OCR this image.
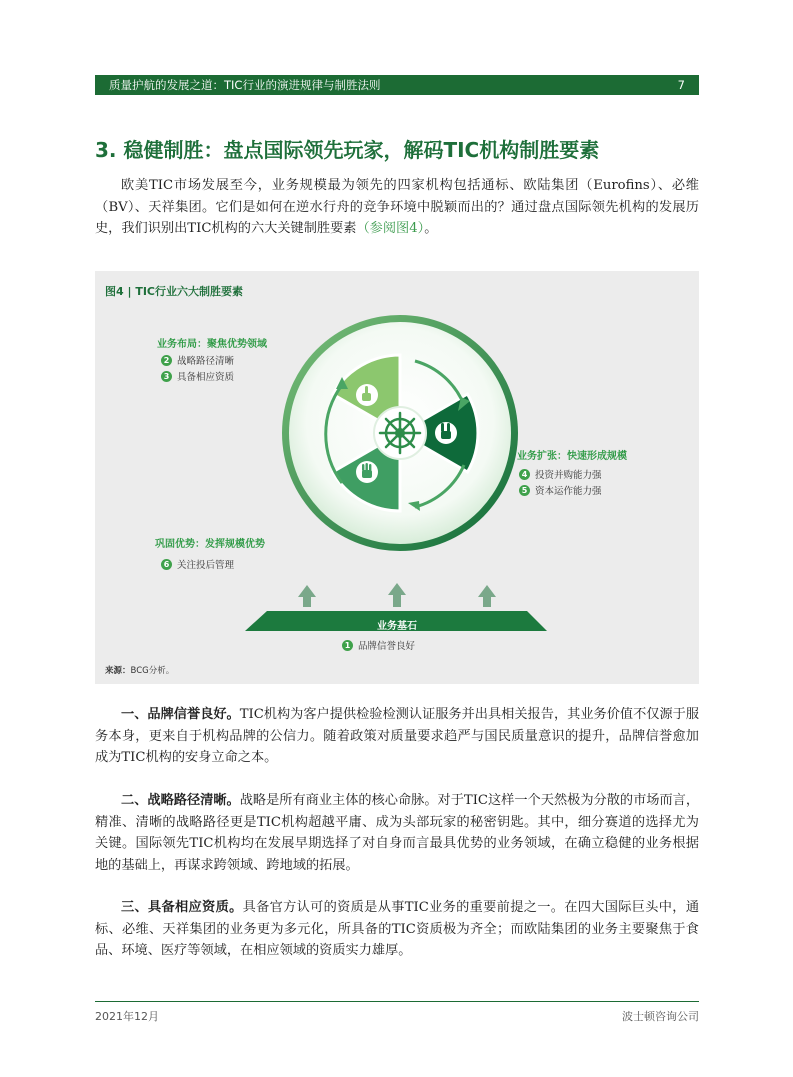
质量护航的发展之道：TIC行业的演进规律与制胜法则	7
3. 稳健制胜：盘点国际领先玩家，解码TIC机构制胜要素
欧美TIC市场发展至今，业务规模最为领先的四家机构包括通标、欧陆集团（Eurofins）、必维（BV）、天祥集团。它们是如何在逆水行舟的竞争环境中脱颖而出的？通过盘点国际领先机构的发展历史，我们识别出TIC机构的六大关键制胜要素（参阅图4）。
图4 | TIC行业六大制胜要素
业务布局：聚焦优势领域
2 战略路径清晰
3 具备相应资质
业务扩张：快速形成规模
4 投资并购能力强
5 资本运作能力强
巩固优势：发挥规模优势
6 关注投后管理
业务基石
1 品牌信誉良好
来源：BCG分析。
一、品牌信誉良好。TIC机构为客户提供检验检测认证服务并出具相关报告，其业务价值不仅源于服务本身，更来自于机构品牌的公信力。随着政策对质量要求趋严与国民质量意识的提升，品牌信誉愈加成为TIC机构的安身立命之本。
二、战略路径清晰。战略是所有商业主体的核心命脉。对于TIC这样一个天然极为分散的市场而言，精准、清晰的战略路径更是TIC机构超越平庸、成为头部玩家的秘密钥匙。其中，细分赛道的选择尤为关键。国际领先TIC机构均在发展早期选择了对自身而言最具优势的业务领域，在确立稳健的业务根据地的基础上，再谋求跨领域、跨地域的拓展。
三、具备相应资质。具备官方认可的资质是从事TIC业务的重要前提之一。在四大国际巨头中，通标、必维、天祥集团的业务更为多元化，所具备的TIC资质极为齐全；而欧陆集团的业务主要聚焦于食品、环境、医疗等领域，在相应领域的资质实力雄厚。
2021年12月	波士顿咨询公司
